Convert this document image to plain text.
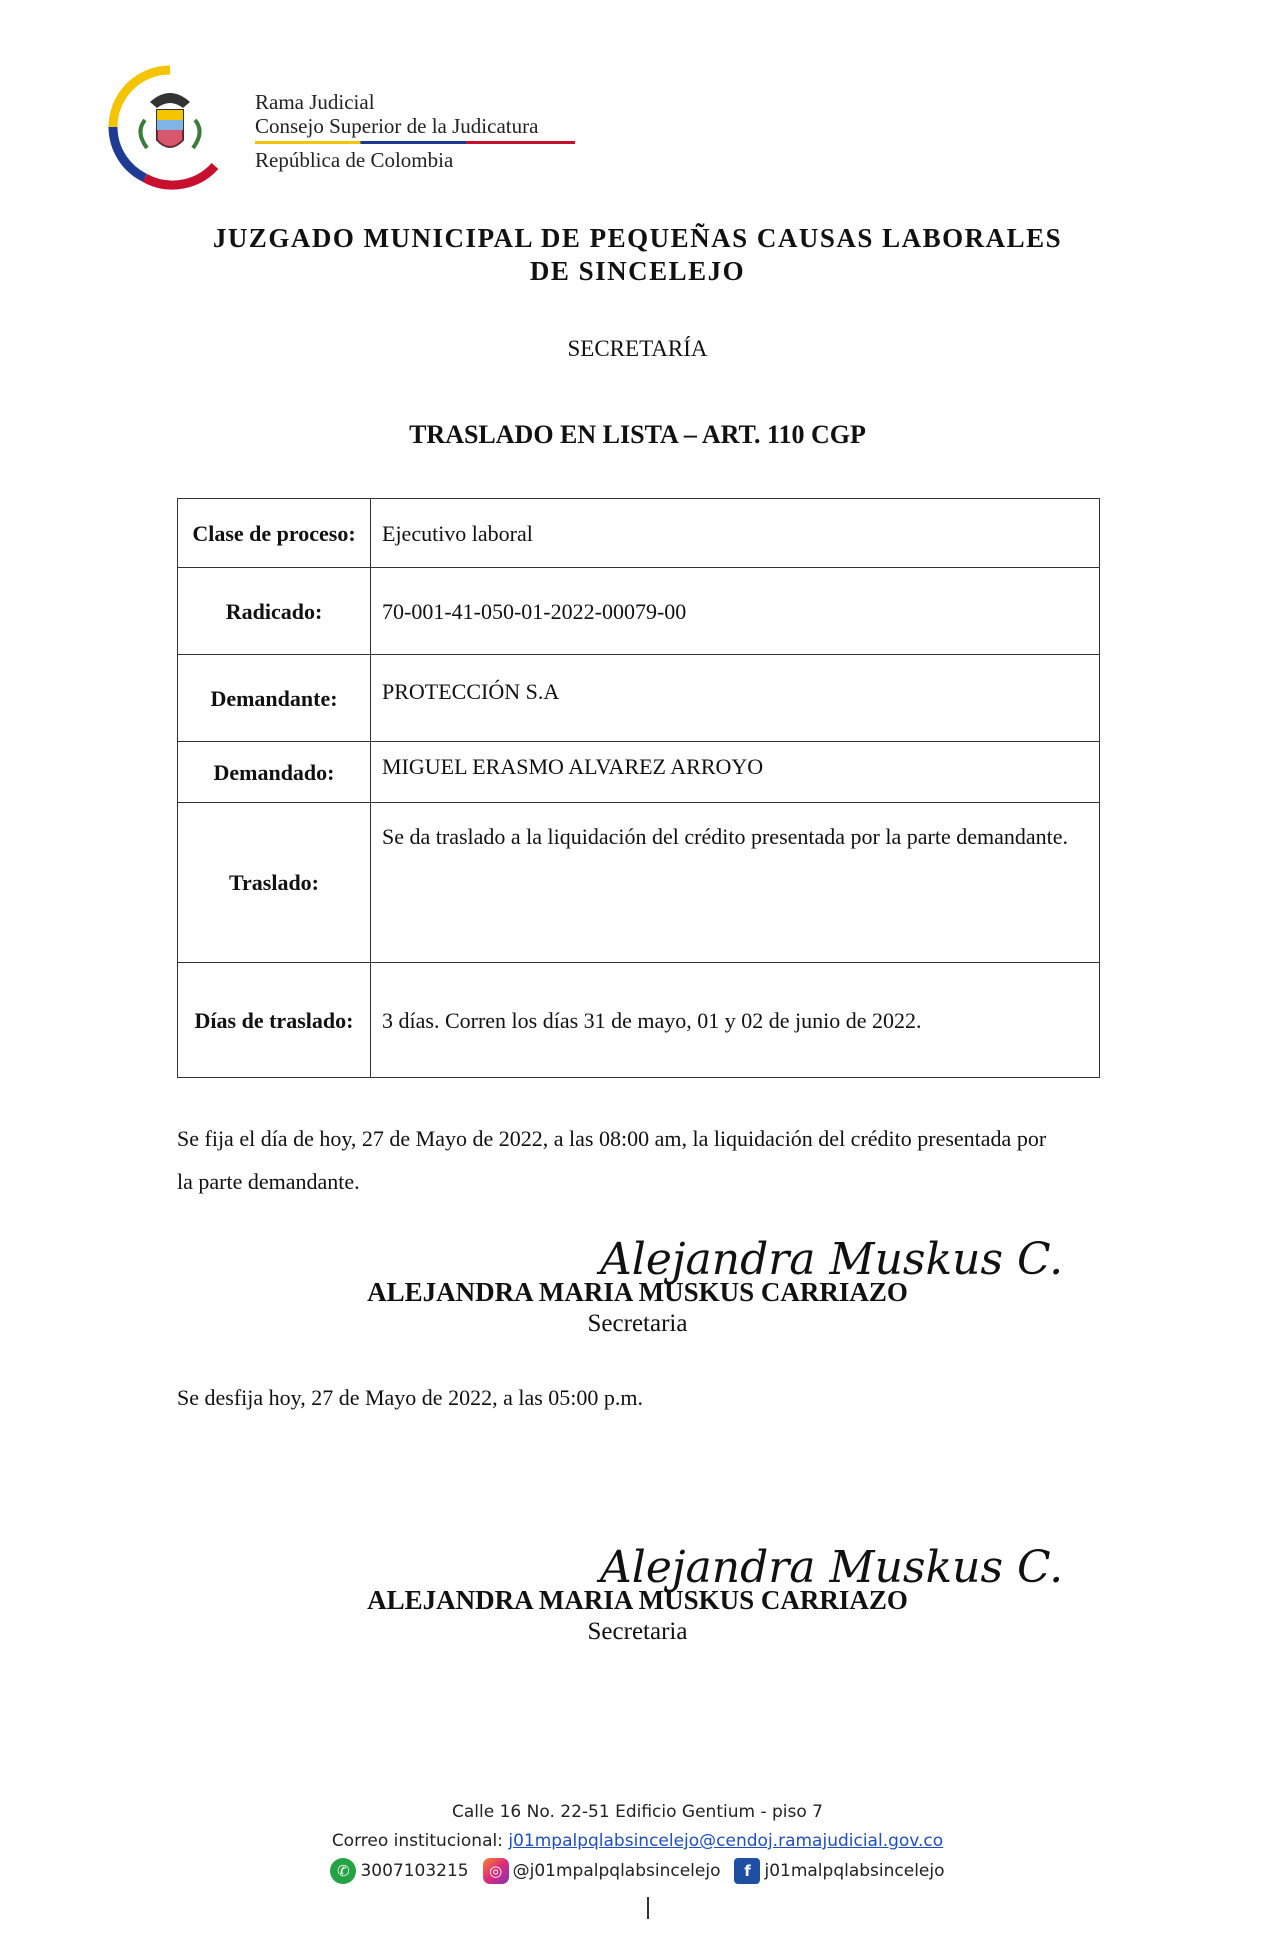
Rama Judicial
Consejo Superior de la Judicatura
República de Colombia
JUZGADO MUNICIPAL DE PEQUEÑAS CAUSAS LABORALES
DE SINCELEJO
SECRETARÍA
TRASLADO EN LISTA – ART. 110 CGP
Clase de proceso:	Ejecutivo laboral
Radicado:	70-001-41-050-01-2022-00079-00
Demandante:	PROTECCIÓN S.A
Demandado:	MIGUEL ERASMO ALVAREZ ARROYO
Traslado:	Se da traslado a la liquidación del crédito presentada por la parte demandante.
Días de traslado:	3 días. Corren los días 31 de mayo, 01 y 02 de junio de 2022.
Se fija el día de hoy, 27 de Mayo de 2022, a las 08:00 am, la liquidación del crédito presentada por la parte demandante.
Alejandra Muskus C.
ALEJANDRA MARIA MUSKUS CARRIAZO
Secretaria
Se desfija hoy, 27 de Mayo de 2022, a las 05:00 p.m.
Alejandra Muskus C.
ALEJANDRA MARIA MUSKUS CARRIAZO
Secretaria
Calle 16 No. 22-51 Edificio Gentium - piso 7
Correo institucional: j01mpalpqlabsincelejo@cendoj.ramajudicial.gov.co
✆ 3007103215	◎ @j01mpalpqlabsincelejo	f j01malpqlabsincelejo
